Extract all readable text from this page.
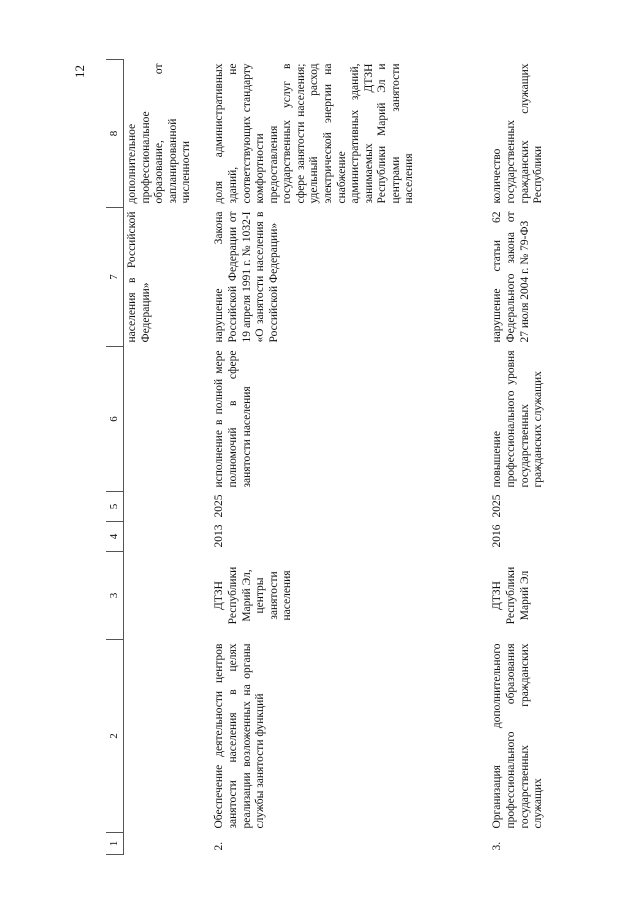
12
1	2	3	4	5	6	7	8
						населения в Российской Федерации»	дополнительное профессиональное образование, от запланированной численности
2.	Обеспечение деятельности центров занятости населения в целях реализации возложенных на органы службы занятости функций	ДТЗН Республики Марий Эл, центры занятости населения	2013	2025	исполнение в полной мере полномочий в сфере занятости населения	нарушение Закона Российской Федерации от 19 апреля 1991 г. № 1032-I «О занятости населения в Российской Федерации»	доля административных зданий, не соответствующих стандарту комфортности предоставления государственных услуг в сфере занятости населения; удельный расход электрической энергии на снабжение административных зданий, занимаемых ДТЗН Республики Марий Эл и центрами занятости населения
3.	Организация дополнительного профессионального образования государственных гражданских служащих	ДТЗН Республики Марий Эл	2016	2025	повышение профессионального уровня государственных гражданских служащих	нарушение статьи 62 Федерального закона от 27 июля 2004 г. № 79-ФЗ	количество государственных гражданских служащих Республики
